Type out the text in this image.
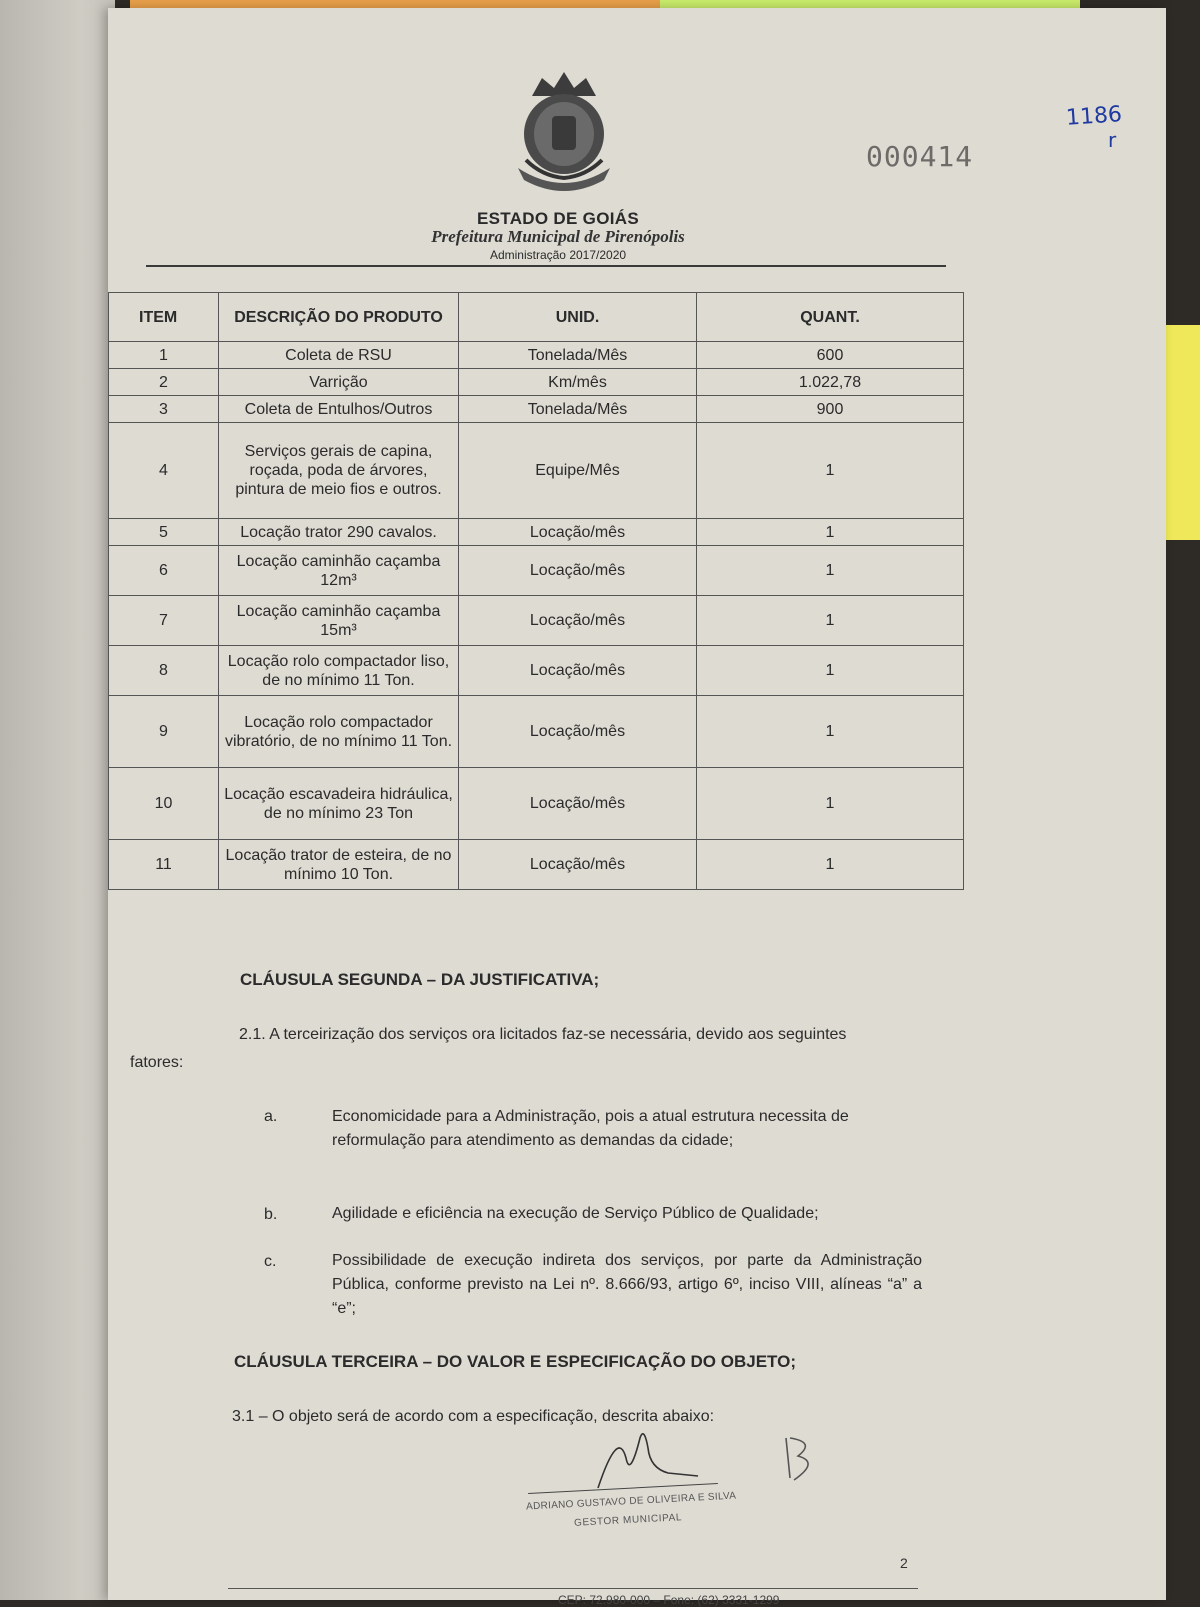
000414
1186
r
ESTADO DE GOIÁS
Prefeitura Municipal de Pirenópolis
Administração 2017/2020
ITEM	DESCRIÇÃO DO PRODUTO	UNID.	QUANT.
1	Coleta de RSU	Tonelada/Mês	600
2	Varrição	Km/mês	1.022,78
3	Coleta de Entulhos/Outros	Tonelada/Mês	900
4	Serviços gerais de capina, roçada, poda de árvores, pintura de meio fios e outros.	Equipe/Mês	1
5	Locação trator 290 cavalos.	Locação/mês	1
6	Locação caminhão caçamba 12m³	Locação/mês	1
7	Locação caminhão caçamba 15m³	Locação/mês	1
8	Locação rolo compactador liso, de no mínimo 11 Ton.	Locação/mês	1
9	Locação rolo compactador vibratório, de no mínimo 11 Ton.	Locação/mês	1
10	Locação escavadeira hidráulica, de no mínimo 23 Ton	Locação/mês	1
11	Locação trator de esteira, de no mínimo 10 Ton.	Locação/mês	1
CLÁUSULA SEGUNDA – DA JUSTIFICATIVA;
2.1. A terceirização dos serviços ora licitados faz-se necessária, devido aos seguintes
fatores:
a.	Economicidade para a Administração, pois a atual estrutura necessita de reformulação para atendimento as demandas da cidade;
b.	Agilidade e eficiência na execução de Serviço Público de Qualidade;
c.	Possibilidade de execução indireta dos serviços, por parte da Administração Pública, conforme previsto na Lei nº. 8.666/93, artigo 6º, inciso VIII, alíneas “a” a “e”;
CLÁUSULA TERCEIRA – DO VALOR E ESPECIFICAÇÃO DO OBJETO;
3.1 – O objeto será de acordo com a especificação, descrita abaixo:
ADRIANO GUSTAVO DE OLIVEIRA E SILVA
GESTOR MUNICIPAL
2
CEP: 72.980-000 – Fone: (62) 3331-1299
